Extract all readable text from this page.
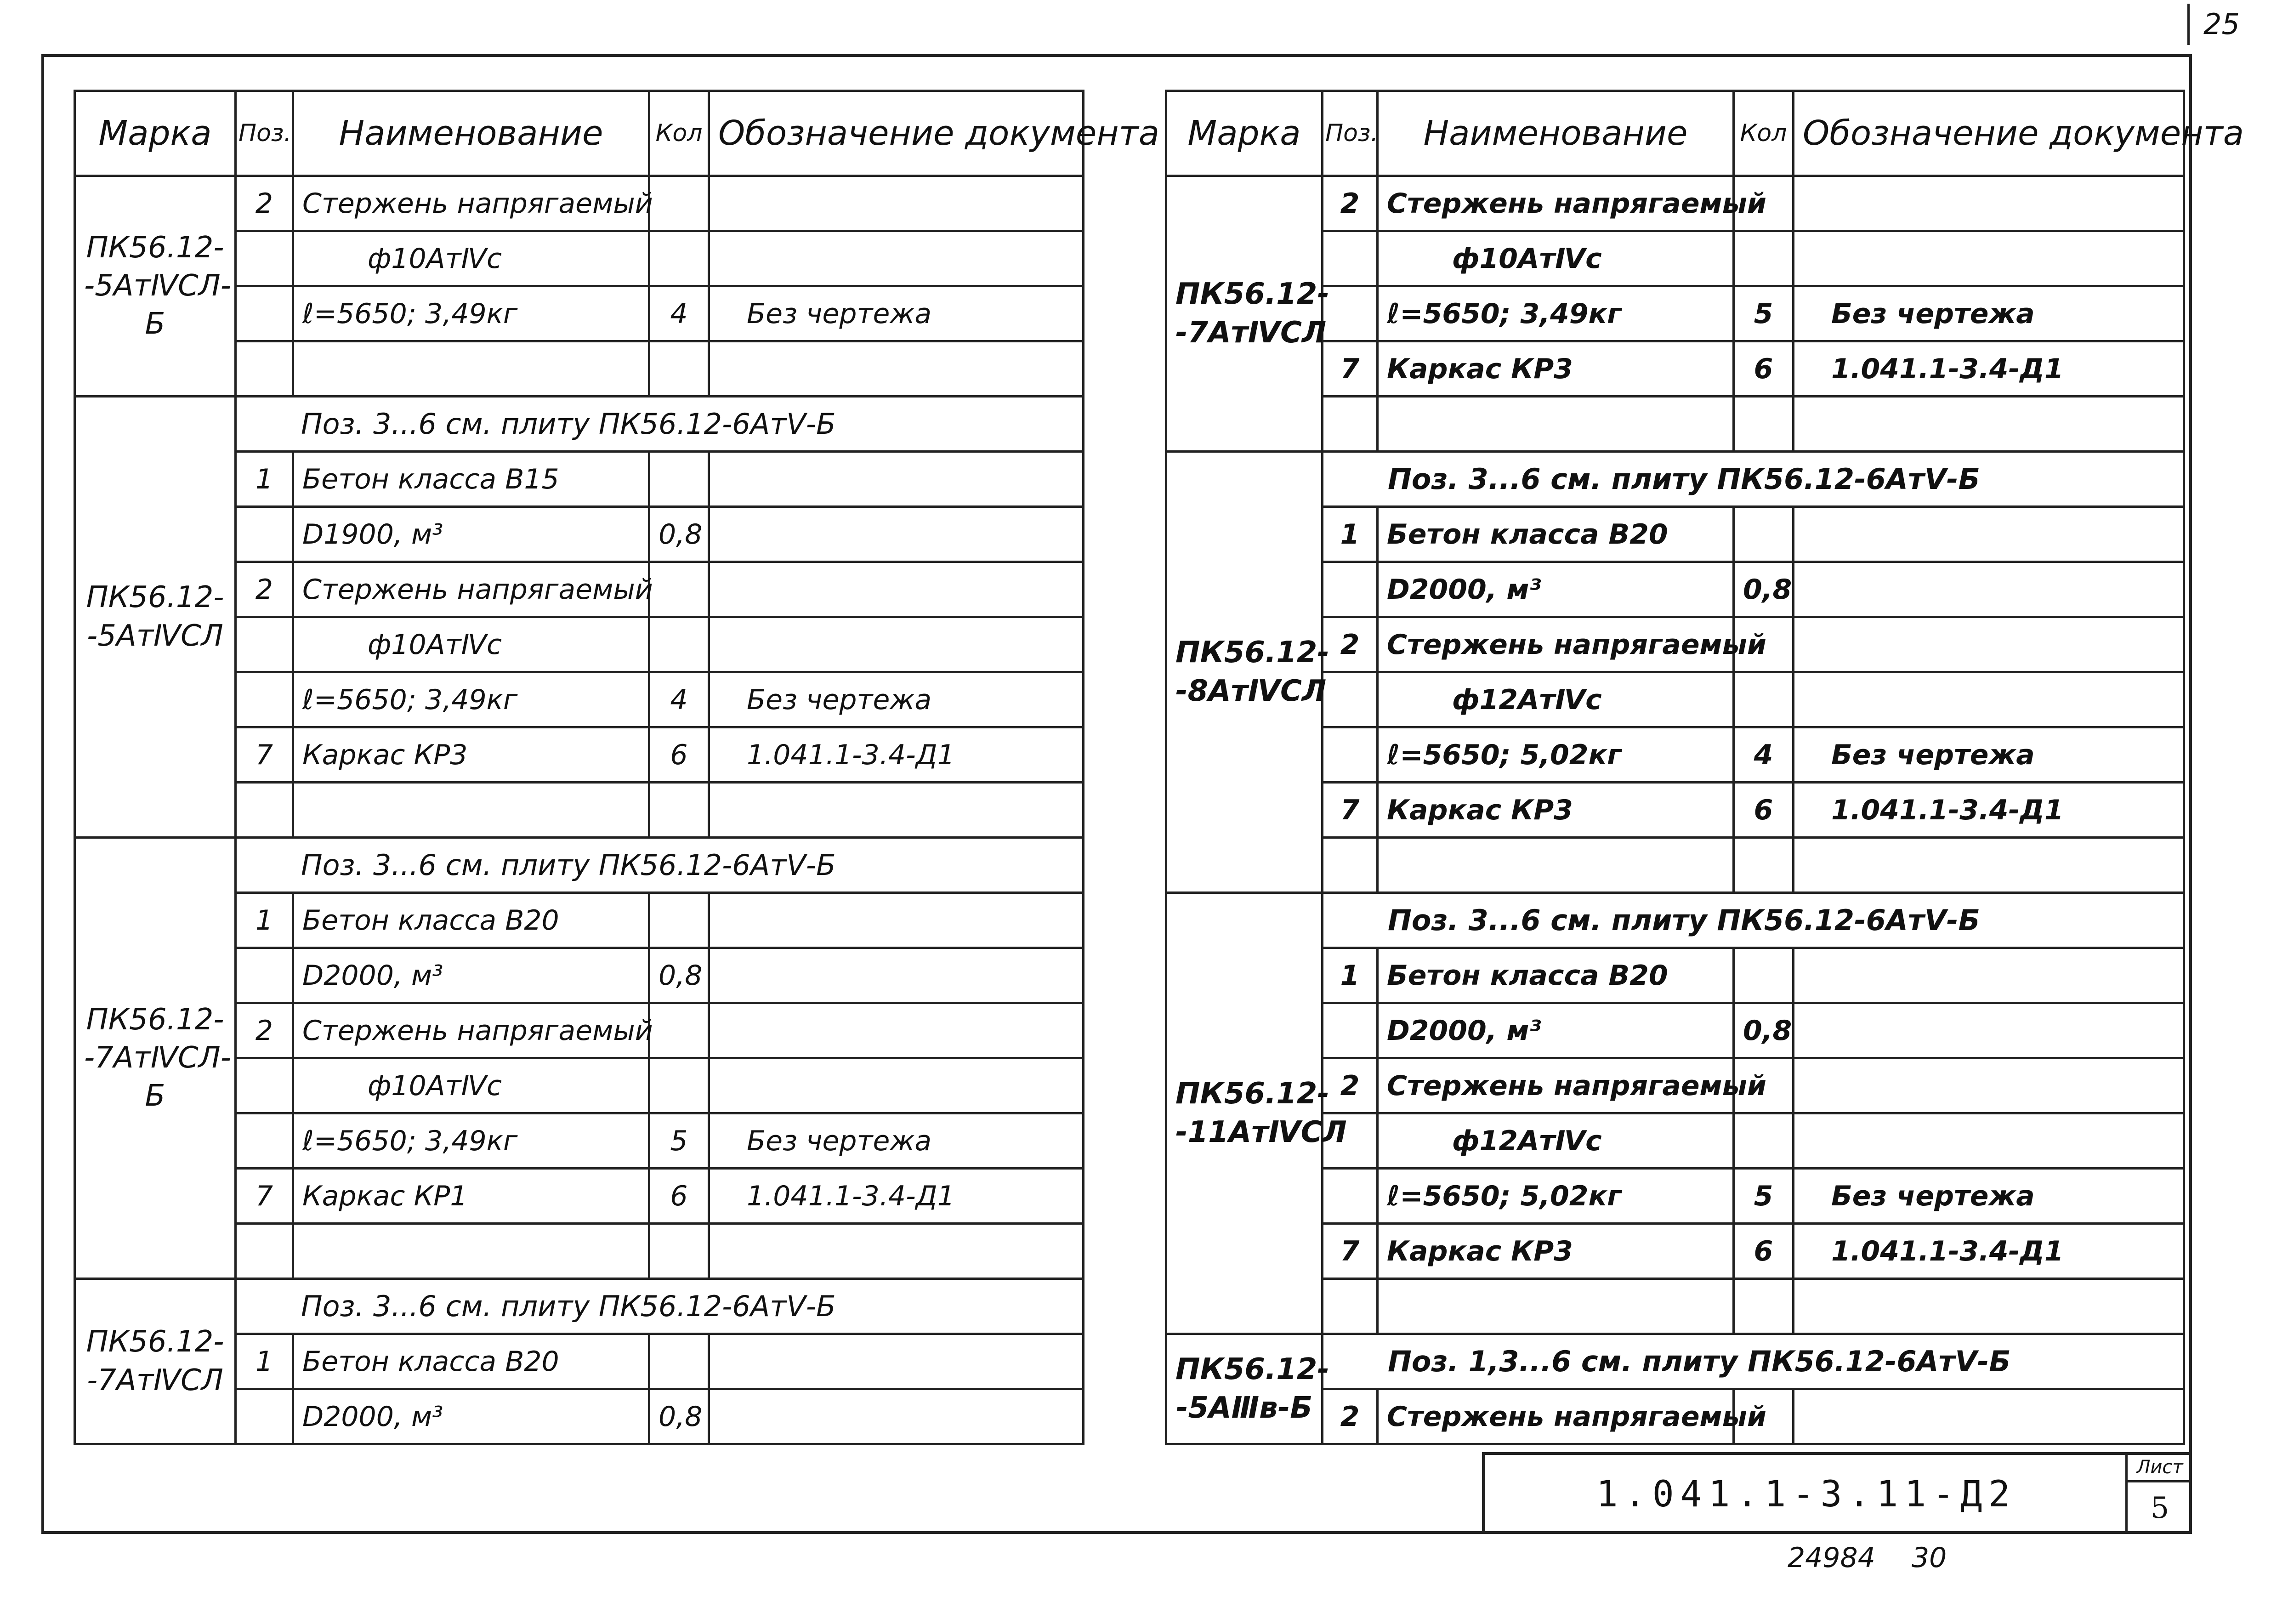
25
Марка	Поз.	Наименование	Кол	Обозначение документа
ПК56.12--5АтⅣСЛ-Б	2	Стержень напрягаемый		
		ф10АтⅣс		
		ℓ=5650; 3,49кг	4	Без чертежа

ПК56.12--5АтⅣСЛ	Поз. 3...6 см. плиту ПК56.12-6АтⅤ-Б			
	1	Бетон класса В15		
		D1900, м³	0,8	
	2	Стержень напрягаемый		
		ф10АтⅣс		
		ℓ=5650; 3,49кг	4	Без чертежа
	7	Каркас КР3	6	1.041.1-3.4-Д1

ПК56.12--7АтⅣСЛ-Б	Поз. 3...6 см. плиту ПК56.12-6АтⅤ-Б			
	1	Бетон класса В20		
		D2000, м³	0,8	
	2	Стержень напрягаемый		
		ф10АтⅣс		
		ℓ=5650; 3,49кг	5	Без чертежа
	7	Каркас КР1	6	1.041.1-3.4-Д1

ПК56.12--7АтⅣСЛ	Поз. 3...6 см. плиту ПК56.12-6АтⅤ-Б			
	1	Бетон класса В20		
		D2000, м³	0,8	
Марка	Поз.	Наименование	Кол	Обозначение документа
ПК56.12--7АтⅣСЛ	2	Стержень напрягаемый		
		ф10АтⅣс		
		ℓ=5650; 3,49кг	5	Без чертежа
	7	Каркас КР3	6	1.041.1-3.4-Д1

ПК56.12--8АтⅣСЛ	Поз. 3...6 см. плиту ПК56.12-6АтⅤ-Б			
	1	Бетон класса В20		
		D2000, м³	0,8	
	2	Стержень напрягаемый		
		ф12АтⅣс		
		ℓ=5650; 5,02кг	4	Без чертежа
	7	Каркас КР3	6	1.041.1-3.4-Д1

ПК56.12--11АтⅣСЛ	Поз. 3...6 см. плиту ПК56.12-6АтⅤ-Б			
	1	Бетон класса В20		
		D2000, м³	0,8	
	2	Стержень напрягаемый		
		ф12АтⅣс		
		ℓ=5650; 5,02кг	5	Без чертежа
	7	Каркас КР3	6	1.041.1-3.4-Д1

ПК56.12--5АⅢв-Б	Поз. 1,3...6 см. плиту ПК56.12-6АтⅤ-Б			
	2	Стержень напрягаемый		
1.041.1-3.11-Д2
Лист
5
24984 30
